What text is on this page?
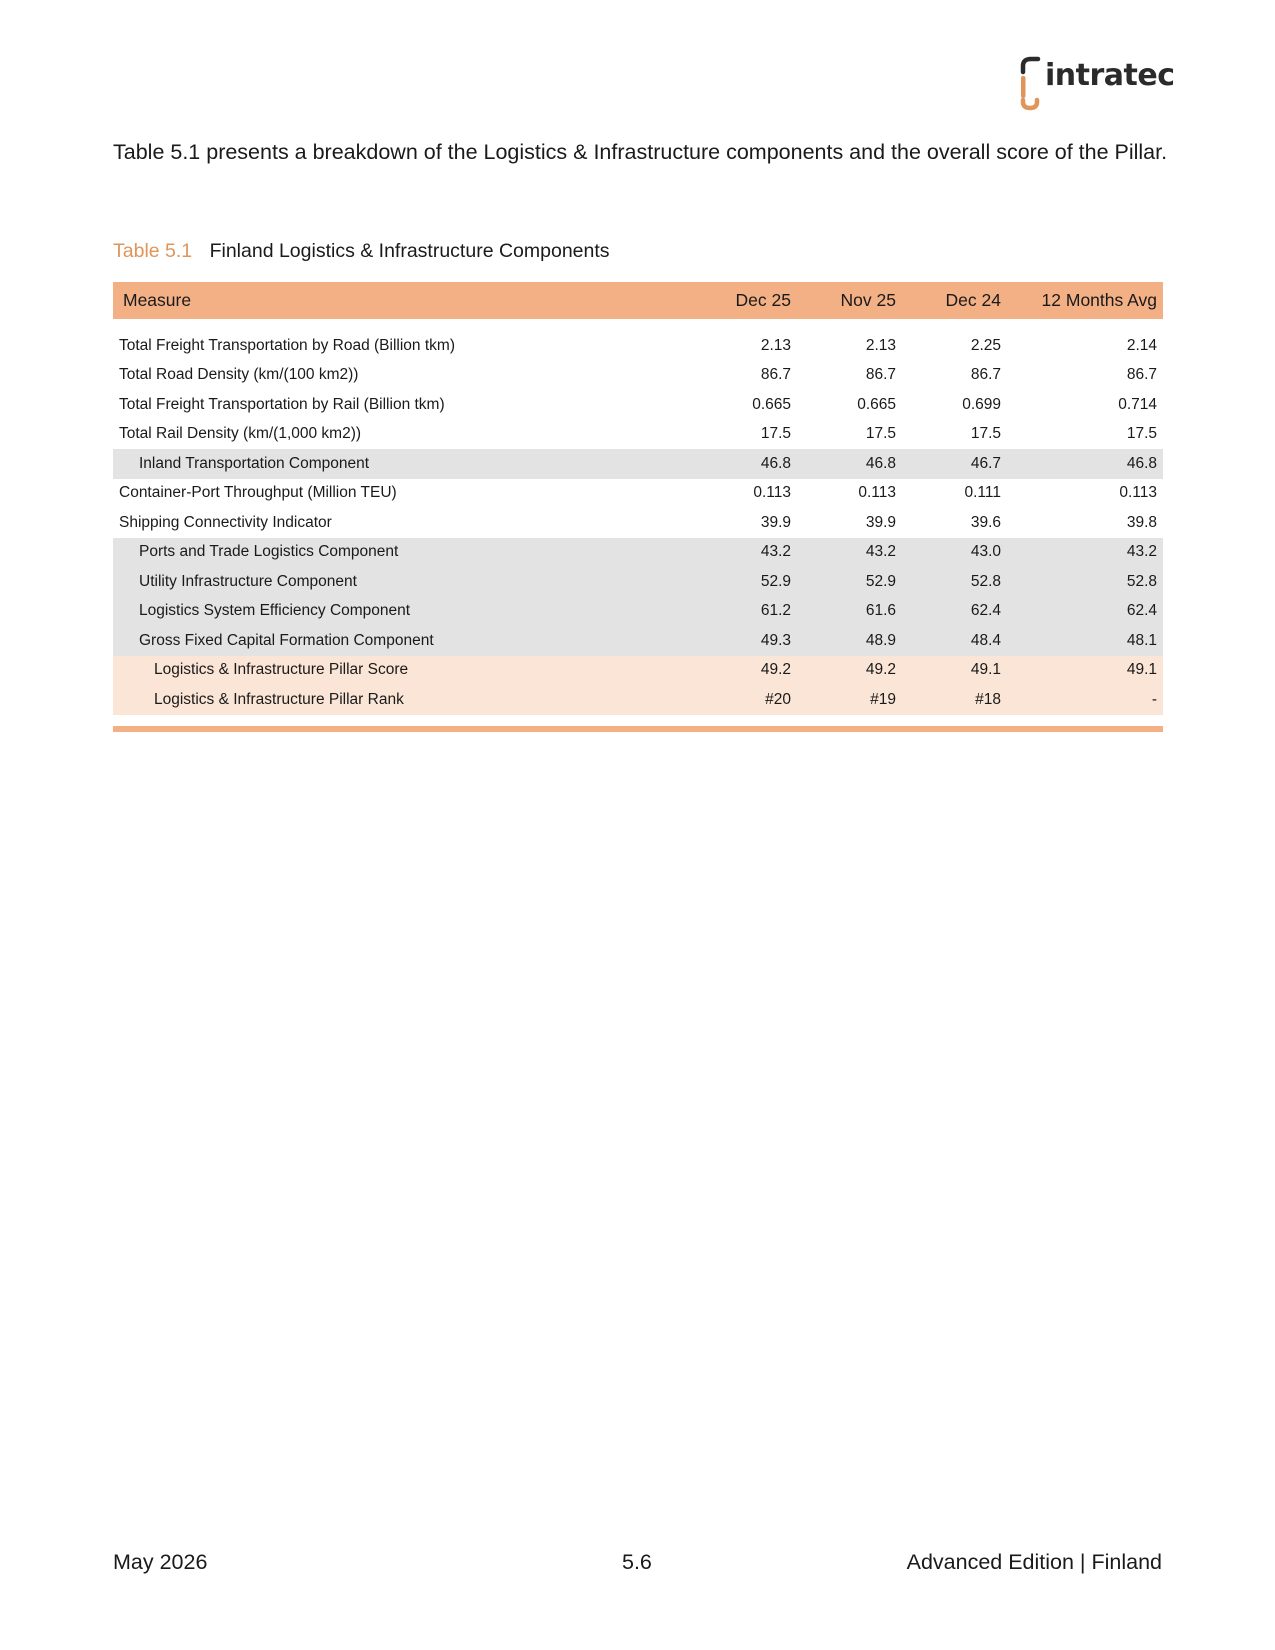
intratec
Table 5.1 presents a breakdown of the Logistics & Infrastructure components and the overall score of the Pillar.
Table 5.1 Finland Logistics & Infrastructure Components
Measure	Dec 25	Nov 25	Dec 24	12 Months Avg

Total Freight Transportation by Road (Billion tkm)	2.13	2.13	2.25	2.14
Total Road Density (km/(100 km2))	86.7	86.7	86.7	86.7
Total Freight Transportation by Rail (Billion tkm)	0.665	0.665	0.699	0.714
Total Rail Density (km/(1,000 km2))	17.5	17.5	17.5	17.5
Inland Transportation Component	46.8	46.8	46.7	46.8
Container-Port Throughput (Million TEU)	0.113	0.113	0.111	0.113
Shipping Connectivity Indicator	39.9	39.9	39.6	39.8
Ports and Trade Logistics Component	43.2	43.2	43.0	43.2
Utility Infrastructure Component	52.9	52.9	52.8	52.8
Logistics System Efficiency Component	61.2	61.6	62.4	62.4
Gross Fixed Capital Formation Component	49.3	48.9	48.4	48.1
Logistics & Infrastructure Pillar Score	49.2	49.2	49.1	49.1
Logistics & Infrastructure Pillar Rank	#20	#19	#18	-
May 2026	5.6	Advanced Edition | Finland
